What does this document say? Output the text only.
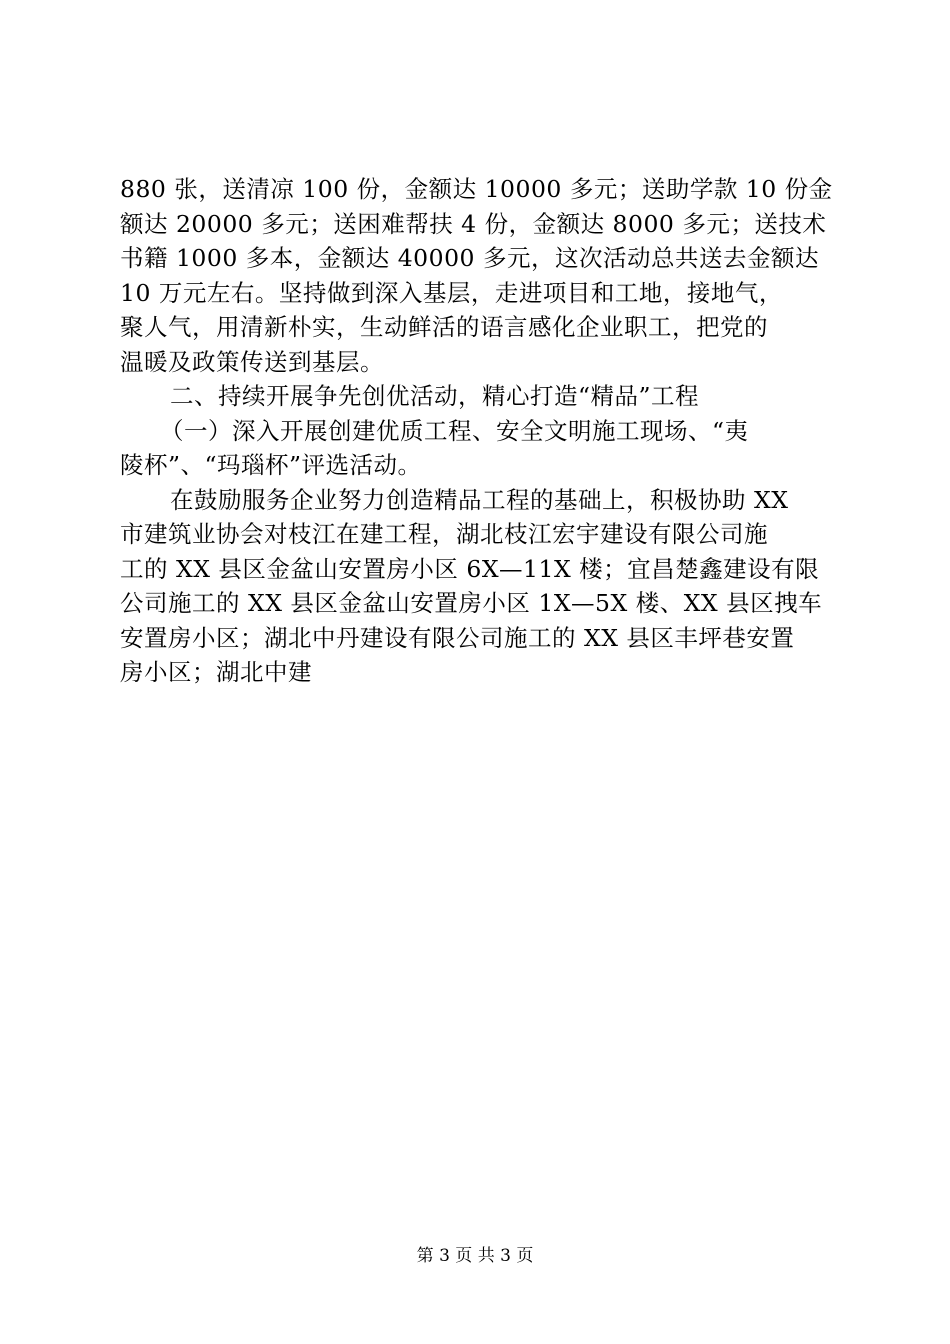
880 张，送清凉 100 份，金额达 10000 多元；送助学款 10 份金
额达 20000 多元；送困难帮扶 4 份，金额达 8000 多元；送技术
书籍 1000 多本，金额达 40000 多元，这次活动总共送去金额达
10 万元左右。坚持做到深入基层，走进项目和工地，接地气，
聚人气，用清新朴实，生动鲜活的语言感化企业职工，把党的
温暖及政策传送到基层。
二、持续开展争先创优活动，精心打造“精品”工程
（一）深入开展创建优质工程、安全文明施工现场、“夷
陵杯”、“玛瑙杯”评选活动。
在鼓励服务企业努力创造精品工程的基础上，积极协助 XX
市建筑业协会对枝江在建工程，湖北枝江宏宇建设有限公司施
工的 XX 县区金盆山安置房小区 6X—11X 楼；宜昌楚鑫建设有限
公司施工的 XX 县区金盆山安置房小区 1X—5X 楼、XX 县区拽车
安置房小区；湖北中丹建设有限公司施工的 XX 县区丰坪巷安置
房小区；湖北中建
第 3 页 共 3 页
